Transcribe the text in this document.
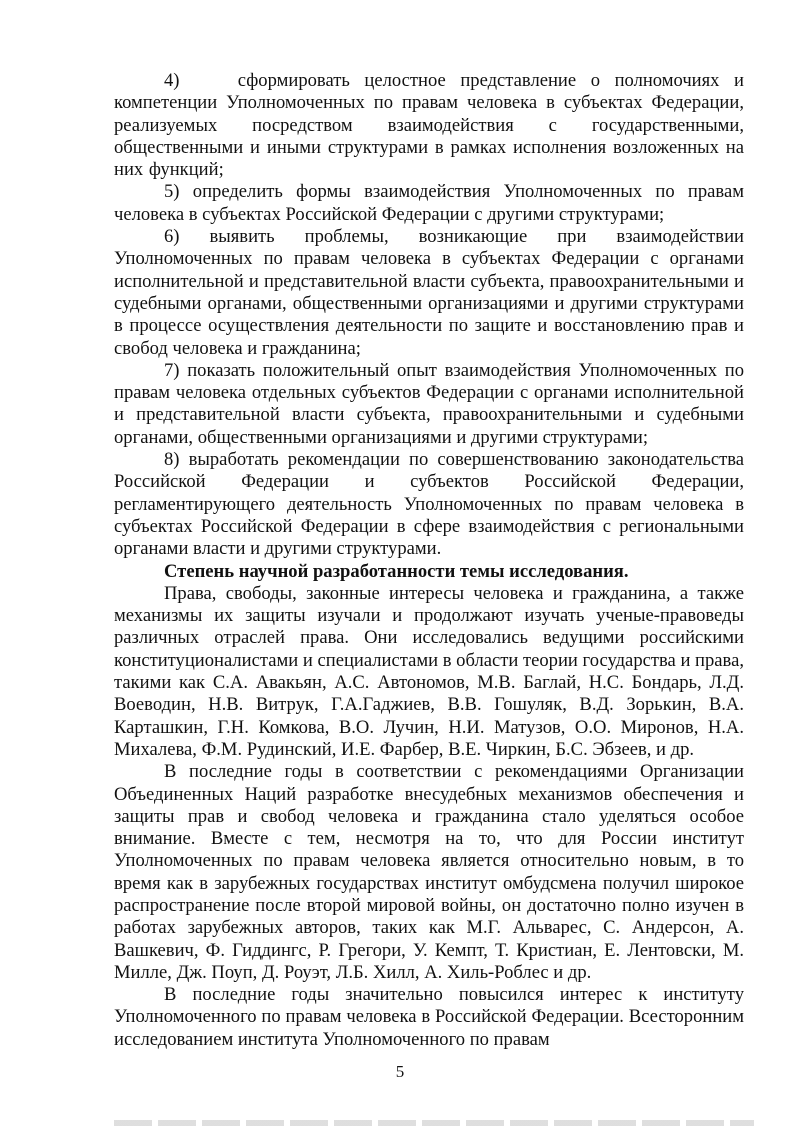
4)    сформировать целостное представление о полномочиях и компетенции Уполномоченных по правам человека в субъектах Федерации, реализуемых посредством взаимодействия с государственными, общественными и иными структурами в рамках исполнения возложенных на них функций;

5) определить формы взаимодействия Уполномоченных по правам человека в субъектах Российской Федерации с другими структурами;

6) выявить проблемы, возникающие при взаимодействии Уполномоченных по правам человека в субъектах Федерации с органами исполнительной и представительной власти субъекта, правоохранительными и судебными органами, общественными организациями и другими структурами в процессе осуществления деятельности по защите и восстановлению прав и свобод человека и гражданина;

7) показать положительный опыт взаимодействия Уполномоченных по правам человека отдельных субъектов Федерации с органами исполнительной и представительной власти субъекта, правоохранительными и судебными органами, общественными организациями и другими структурами;

8) выработать рекомендации по совершенствованию законодательства Российской Федерации и субъектов Российской Федерации, регламентирующего деятельность Уполномоченных по правам человека в субъектах Российской Федерации в сфере взаимодействия с региональными органами власти и другими структурами.

Степень научной разработанности темы исследования.

Права, свободы, законные интересы человека и гражданина, а также механизмы их защиты изучали и продолжают изучать ученые-правоведы различных отраслей права. Они исследовались ведущими российскими конституционалистами и специалистами в области теории государства и права, такими как С.А. Авакьян, А.С. Автономов, М.В. Баглай, Н.С. Бондарь, Л.Д. Воеводин, Н.В. Витрук, Г.А.Гаджиев, В.В. Гошуляк, В.Д. Зорькин, В.А. Карташкин, Г.Н. Комкова, В.О. Лучин, Н.И. Матузов, О.О. Миронов, Н.А. Михалева, Ф.М. Рудинский, И.Е. Фарбер, В.Е. Чиркин, Б.С. Эбзеев, и др.

В последние годы в соответствии с рекомендациями Организации Объединенных Наций разработке внесудебных механизмов обеспечения и защиты прав и свобод человека и гражданина стало уделяться особое внимание. Вместе с тем, несмотря на то, что для России институт Уполномоченных по правам человека является относительно новым, в то время как в зарубежных государствах институт омбудсмена получил широкое распространение после второй мировой войны, он достаточно полно изучен в работах зарубежных авторов, таких как М.Г. Альварес, С. Андерсон, А. Вашкевич, Ф. Гиддингс, Р. Грегори, У. Кемпт, Т. Кристиан, Е. Лентовски, М. Милле, Дж. Поуп, Д. Роуэт, Л.Б. Хилл, А. Хиль-Роблес и др.

В последние годы значительно повысился интерес к институту Уполномоченного по правам человека в Российской Федерации. Всесторонним исследованием института Уполномоченного по правам

5
